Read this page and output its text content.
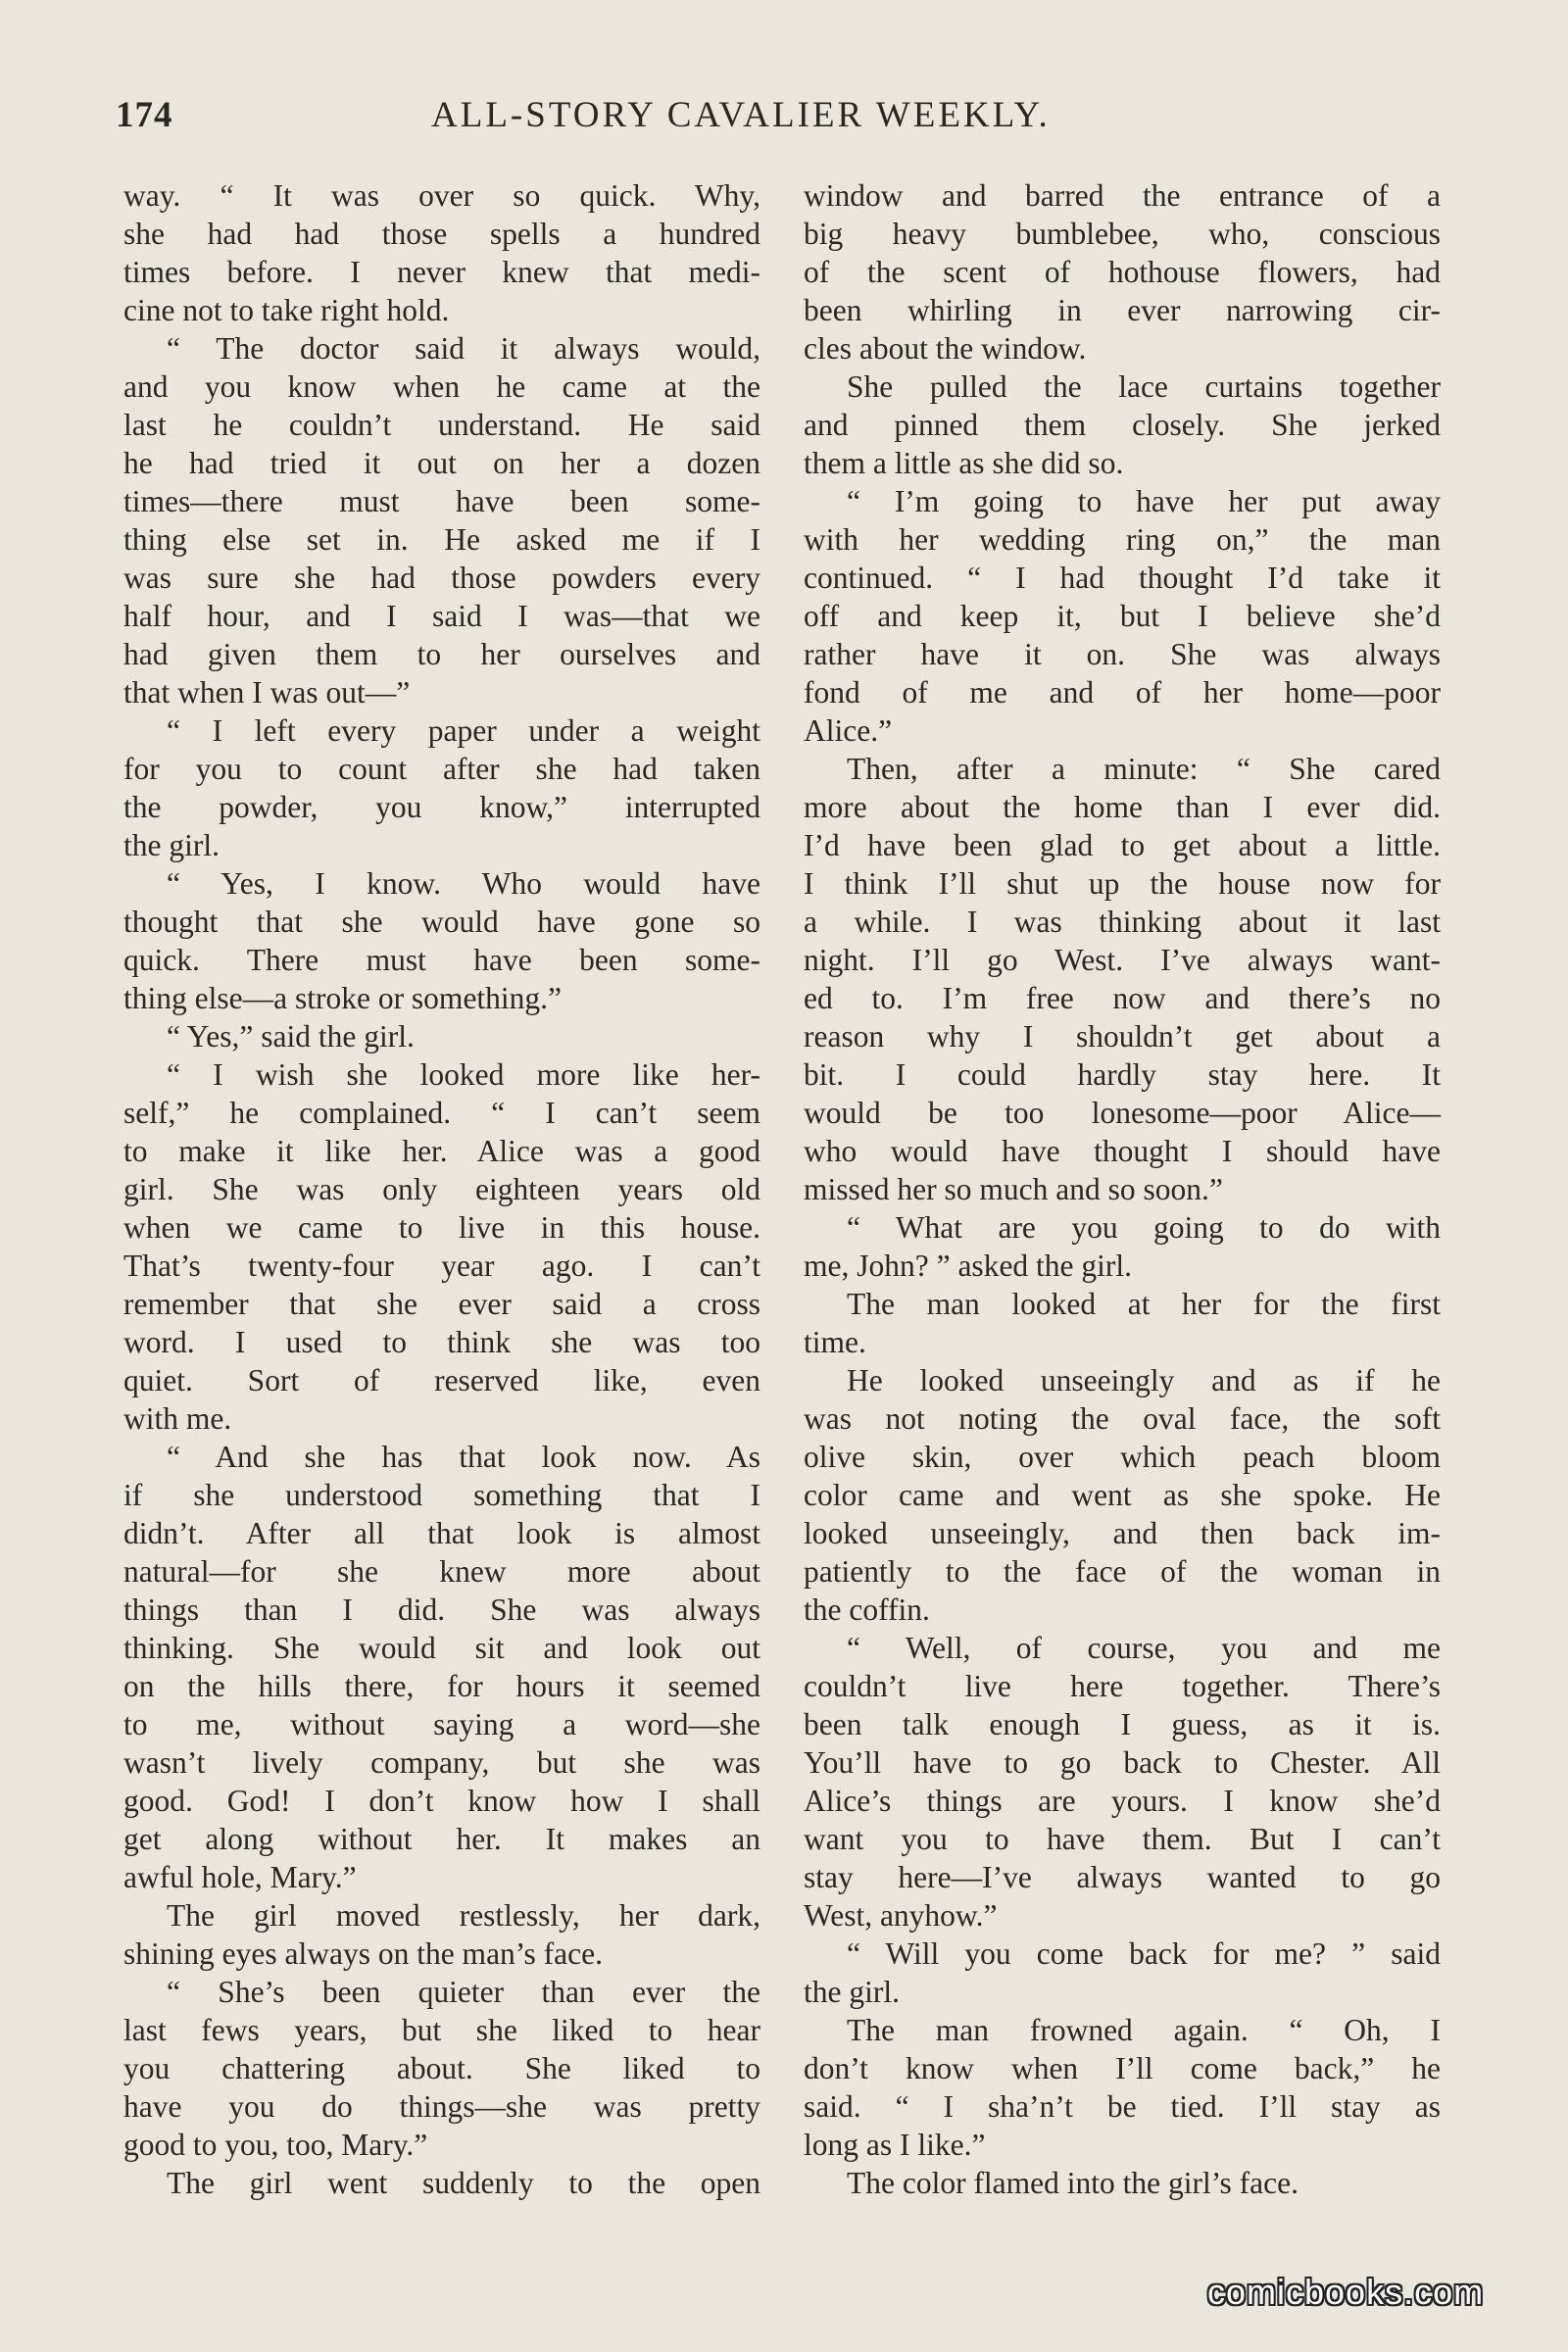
174	ALL-STORY CAVALIER WEEKLY.
way. “ It was over so quick. Why,
she had had those spells a hundred
times before. I never knew that medi-
cine not to take right hold.
“ The doctor said it always would,
and you know when he came at the
last he couldn’t understand. He said
he had tried it out on her a dozen
times—there must have been some-
thing else set in. He asked me if I
was sure she had those powders every
half hour, and I said I was—that we
had given them to her ourselves and
that when I was out—”
“ I left every paper under a weight
for you to count after she had taken
the powder, you know,” interrupted
the girl.
“ Yes, I know. Who would have
thought that she would have gone so
quick. There must have been some-
thing else—a stroke or something.”
“ Yes,” said the girl.
“ I wish she looked more like her-
self,” he complained. “ I can’t seem
to make it like her. Alice was a good
girl. She was only eighteen years old
when we came to live in this house.
That’s twenty-four year ago. I can’t
remember that she ever said a cross
word. I used to think she was too
quiet. Sort of reserved like, even
with me.
“ And she has that look now. As
if she understood something that I
didn’t. After all that look is almost
natural—for she knew more about
things than I did. She was always
thinking. She would sit and look out
on the hills there, for hours it seemed
to me, without saying a word—she
wasn’t lively company, but she was
good. God! I don’t know how I shall
get along without her. It makes an
awful hole, Mary.”
The girl moved restlessly, her dark,
shining eyes always on the man’s face.
“ She’s been quieter than ever the
last fews years, but she liked to hear
you chattering about. She liked to
have you do things—she was pretty
good to you, too, Mary.”
The girl went suddenly to the open
window and barred the entrance of a
big heavy bumblebee, who, conscious
of the scent of hothouse flowers, had
been whirling in ever narrowing cir-
cles about the window.
She pulled the lace curtains together
and pinned them closely. She jerked
them a little as she did so.
“ I’m going to have her put away
with her wedding ring on,” the man
continued. “ I had thought I’d take it
off and keep it, but I believe she’d
rather have it on. She was always
fond of me and of her home—poor
Alice.”
Then, after a minute: “ She cared
more about the home than I ever did.
I’d have been glad to get about a little.
I think I’ll shut up the house now for
a while. I was thinking about it last
night. I’ll go West. I’ve always want-
ed to. I’m free now and there’s no
reason why I shouldn’t get about a
bit. I could hardly stay here. It
would be too lonesome—poor Alice—
who would have thought I should have
missed her so much and so soon.”
“ What are you going to do with
me, John? ” asked the girl.
The man looked at her for the first
time.
He looked unseeingly and as if he
was not noting the oval face, the soft
olive skin, over which peach bloom
color came and went as she spoke. He
looked unseeingly, and then back im-
patiently to the face of the woman in
the coffin.
“ Well, of course, you and me
couldn’t live here together. There’s
been talk enough I guess, as it is.
You’ll have to go back to Chester. All
Alice’s things are yours. I know she’d
want you to have them. But I can’t
stay here—I’ve always wanted to go
West, anyhow.”
“ Will you come back for me? ” said
the girl.
The man frowned again. “ Oh, I
don’t know when I’ll come back,” he
said. “ I sha’n’t be tied. I’ll stay as
long as I like.”
The color flamed into the girl’s face.
comicbooks.com
